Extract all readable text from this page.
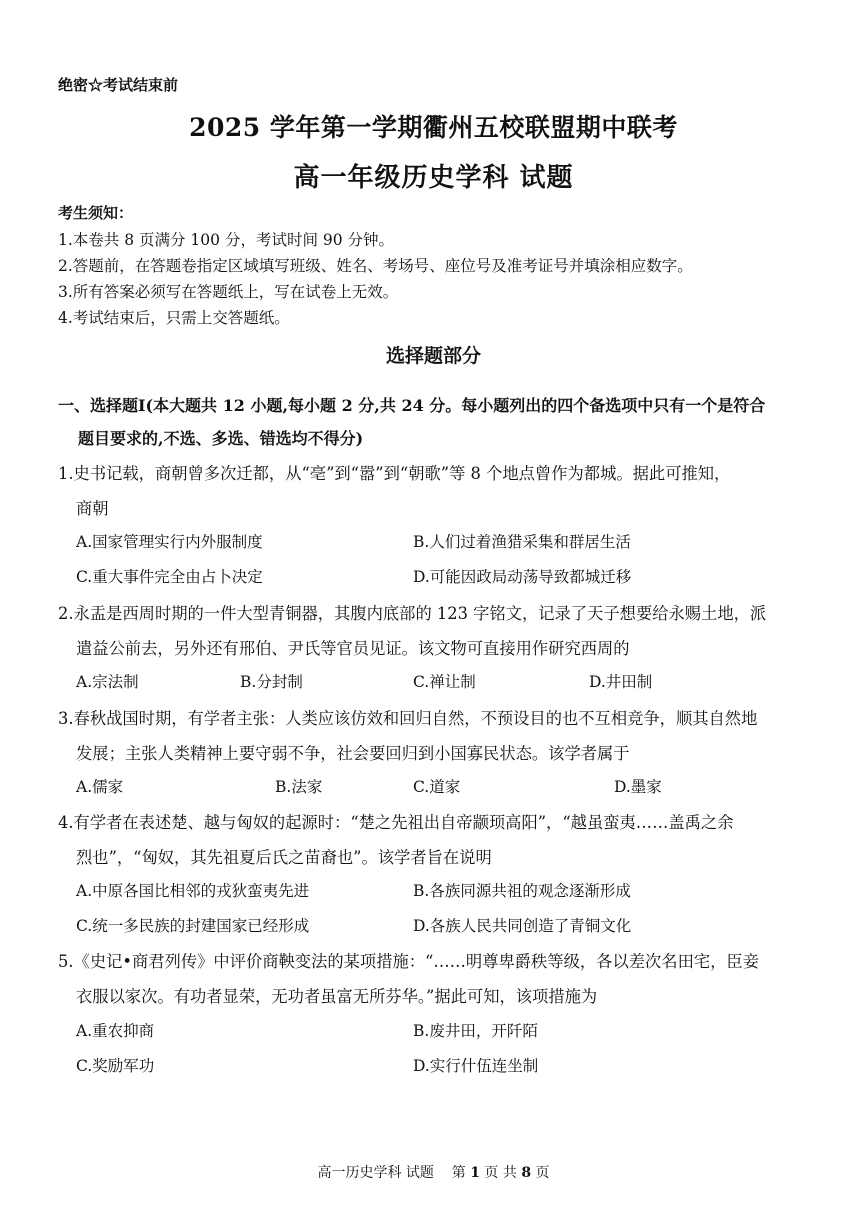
绝密☆考试结束前
2025 学年第一学期衢州五校联盟期中联考
高一年级历史学科 试题
考生须知：
1.本卷共 8 页满分 100 分，考试时间 90 分钟。
2.答题前，在答题卷指定区域填写班级、姓名、考场号、座位号及准考证号并填涂相应数字。
3.所有答案必须写在答题纸上，写在试卷上无效。
4.考试结束后，只需上交答题纸。
选择题部分
一、选择题Ⅰ(本大题共 12 小题,每小题 2 分,共 24 分。每小题列出的四个备选项中只有一个是符合
题目要求的,不选、多选、错选均不得分)
1.史书记载，商朝曾多次迁都，从“亳”到“嚣”到“朝歌”等 8 个地点曾作为都城。据此可推知，
商朝
A.国家管理实行内外服制度	B.人们过着渔猎采集和群居生活
C.重大事件完全由占卜决定	D.可能因政局动荡导致都城迁移
2.永盂是西周时期的一件大型青铜器，其腹内底部的 123 字铭文，记录了天子想要给永赐土地，派
遣益公前去，另外还有邢伯、尹氏等官员见证。该文物可直接用作研究西周的
A.宗法制	B.分封制	C.禅让制	D.井田制
3.春秋战国时期，有学者主张：人类应该仿效和回归自然，不预设目的也不互相竞争，顺其自然地
发展；主张人类精神上要守弱不争，社会要回归到小国寡民状态。该学者属于
A.儒家	B.法家	C.道家	D.墨家
4.有学者在表述楚、越与匈奴的起源时：“楚之先祖出自帝颛顼高阳”，“越虽蛮夷……盖禹之余
烈也”，“匈奴，其先祖夏后氏之苗裔也”。该学者旨在说明
A.中原各国比相邻的戎狄蛮夷先进	B.各族同源共祖的观念逐渐形成
C.统一多民族的封建国家已经形成	D.各族人民共同创造了青铜文化
5.《史记•商君列传》中评价商鞅变法的某项措施：“……明尊卑爵秩等级，各以差次名田宅，臣妾
衣服以家次。有功者显荣，无功者虽富无所芬华。”据此可知，该项措施为
A.重农抑商	B.废井田，开阡陌
C.奖励军功	D.实行什伍连坐制
高一历史学科 试题 第 1 页 共 8 页
